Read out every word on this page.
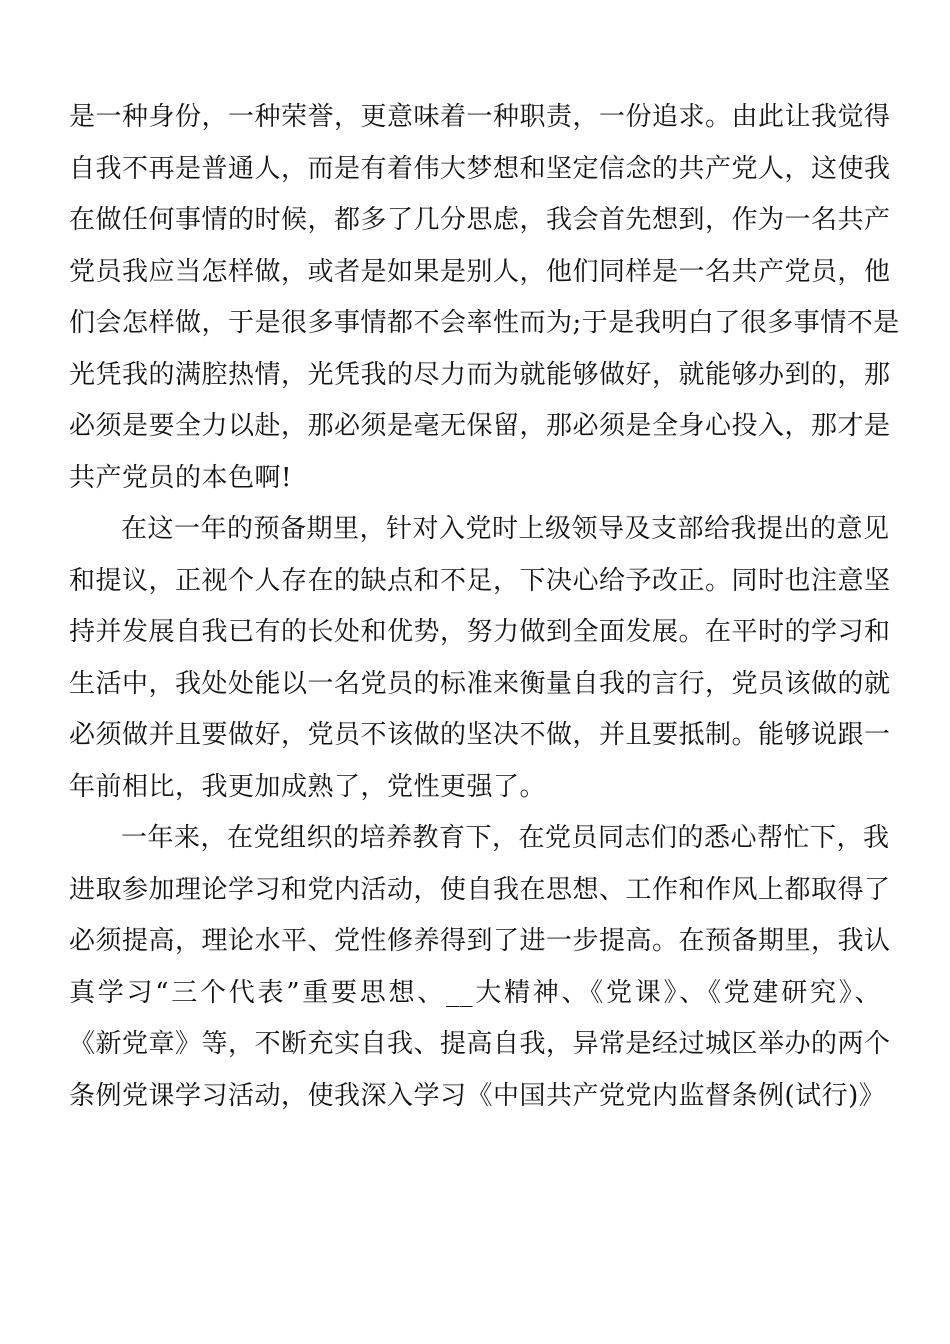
是一种身份，一种荣誉，更意味着一种职责，一份追求。由此让我觉得
自我不再是普通人，而是有着伟大梦想和坚定信念的共产党人，这使我
在做任何事情的时候，都多了几分思虑，我会首先想到，作为一名共产
党员我应当怎样做，或者是如果是别人，他们同样是一名共产党员，他
们会怎样做，于是很多事情都不会率性而为;于是我明白了很多事情不是
光凭我的满腔热情，光凭我的尽力而为就能够做好，就能够办到的，那
必须是要全力以赴，那必须是毫无保留，那必须是全身心投入，那才是
共产党员的本色啊!
在这一年的预备期里，针对入党时上级领导及支部给我提出的意见
和提议，正视个人存在的缺点和不足，下决心给予改正。同时也注意坚
持并发展自我已有的长处和优势，努力做到全面发展。在平时的学习和
生活中，我处处能以一名党员的标准来衡量自我的言行，党员该做的就
必须做并且要做好，党员不该做的坚决不做，并且要抵制。能够说跟一
年前相比，我更加成熟了，党性更强了。
一年来，在党组织的培养教育下，在党员同志们的悉心帮忙下，我
进取参加理论学习和党内活动，使自我在思想、工作和作风上都取得了
必须提高，理论水平、党性修养得到了进一步提高。在预备期里，我认
真学习“三个代表”重要思想、__大精神、《党课》、《党建研究》、
《新党章》等，不断充实自我、提高自我，异常是经过城区举办的两个
条例党课学习活动，使我深入学习《中国共产党党内监督条例(试行)》
